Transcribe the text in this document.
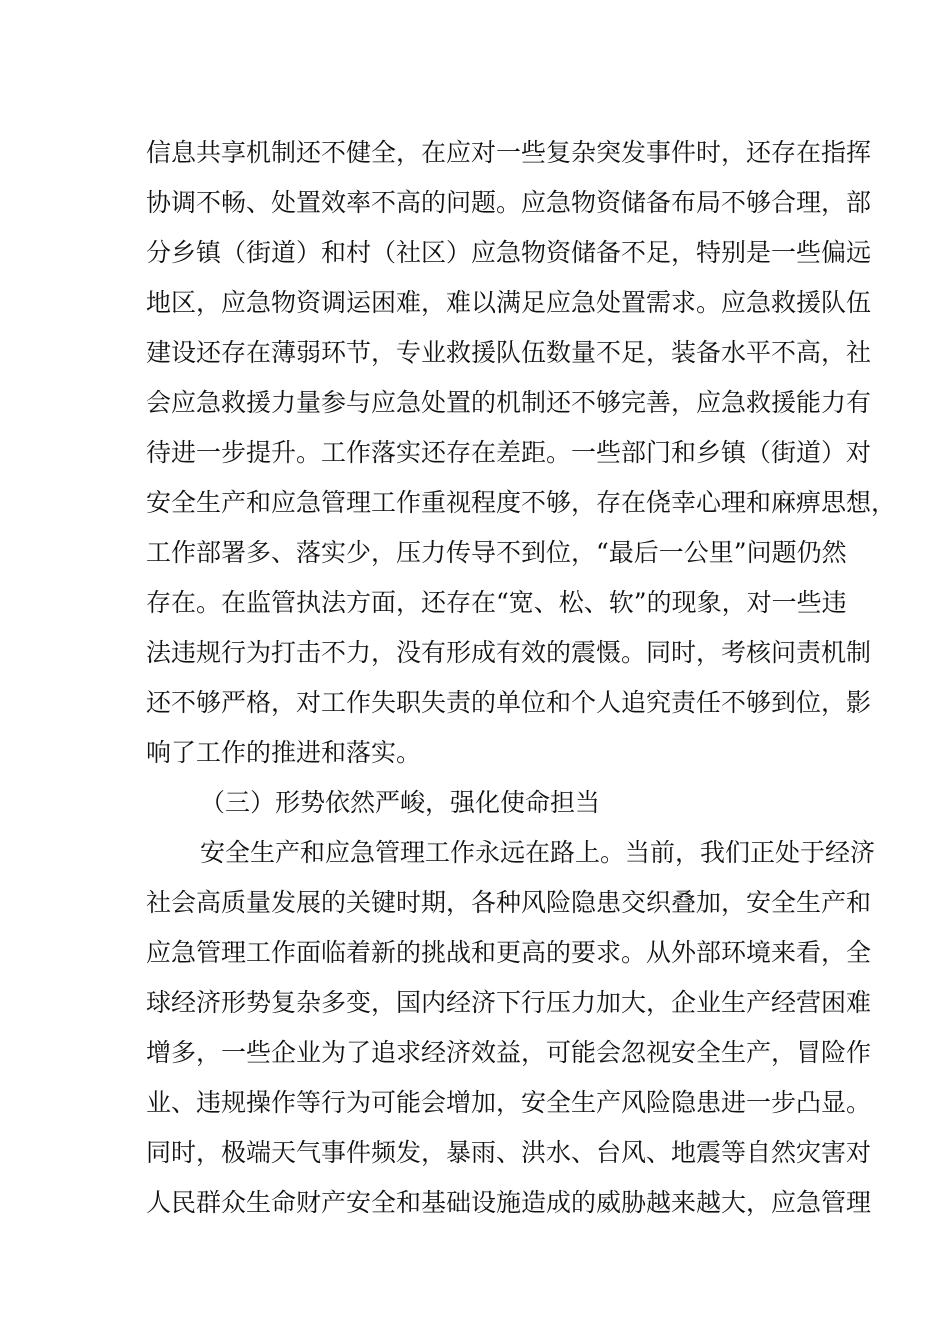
信息共享机制还不健全，在应对一些复杂突发事件时，还存在指挥
协调不畅、处置效率不高的问题。应急物资储备布局不够合理，部
分乡镇（街道）和村（社区）应急物资储备不足，特别是一些偏远
地区，应急物资调运困难，难以满足应急处置需求。应急救援队伍
建设还存在薄弱环节，专业救援队伍数量不足，装备水平不高，社
会应急救援力量参与应急处置的机制还不够完善，应急救援能力有
待进一步提升。工作落实还存在差距。一些部门和乡镇（街道）对
安全生产和应急管理工作重视程度不够，存在侥幸心理和麻痹思想，
工作部署多、落实少，压力传导不到位，“最后一公里”问题仍然
存在。在监管执法方面，还存在“宽、松、软”的现象，对一些违
法违规行为打击不力，没有形成有效的震慑。同时，考核问责机制
还不够严格，对工作失职失责的单位和个人追究责任不够到位，影
响了工作的推进和落实。
（三）形势依然严峻，强化使命担当
安全生产和应急管理工作永远在路上。当前，我们正处于经济
社会高质量发展的关键时期，各种风险隐患交织叠加，安全生产和
应急管理工作面临着新的挑战和更高的要求。从外部环境来看，全
球经济形势复杂多变，国内经济下行压力加大，企业生产经营困难
增多，一些企业为了追求经济效益，可能会忽视安全生产，冒险作
业、违规操作等行为可能会增加，安全生产风险隐患进一步凸显。
同时，极端天气事件频发，暴雨、洪水、台风、地震等自然灾害对
人民群众生命财产安全和基础设施造成的威胁越来越大，应急管理
